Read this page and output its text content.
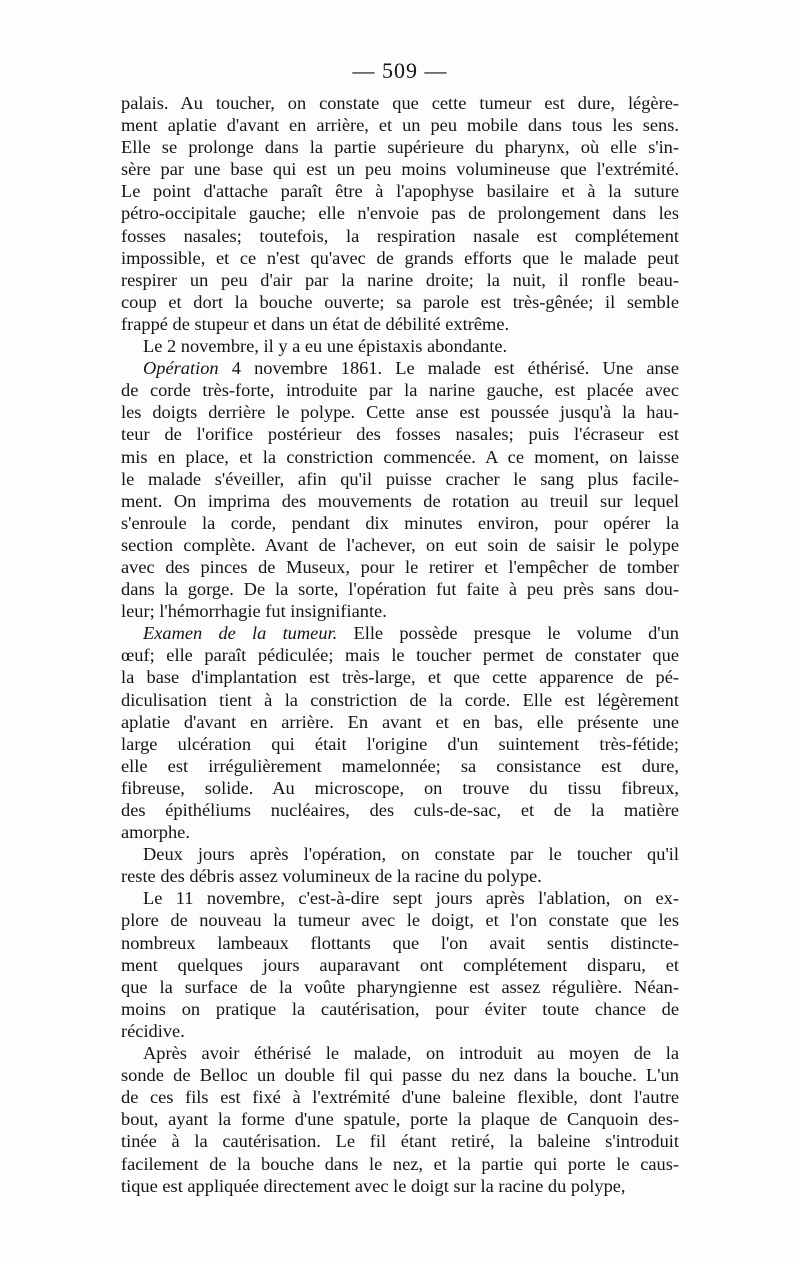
— 509 —
palais. Au toucher, on constate que cette tumeur est dure, légère-
ment aplatie d'avant en arrière, et un peu mobile dans tous les sens.
Elle se prolonge dans la partie supérieure du pharynx, où elle s'in-
sère par une base qui est un peu moins volumineuse que l'extrémité.
Le point d'attache paraît être à l'apophyse basilaire et à la suture
pétro-occipitale gauche; elle n'envoie pas de prolongement dans les
fosses nasales; toutefois, la respiration nasale est complétement
impossible, et ce n'est qu'avec de grands efforts que le malade peut
respirer un peu d'air par la narine droite; la nuit, il ronfle beau-
coup et dort la bouche ouverte; sa parole est très-gênée; il semble
frappé de stupeur et dans un état de débilité extrême.
Le 2 novembre, il y a eu une épistaxis abondante.
Opération 4 novembre 1861. Le malade est éthérisé. Une anse
de corde très-forte, introduite par la narine gauche, est placée avec
les doigts derrière le polype. Cette anse est poussée jusqu'à la hau-
teur de l'orifice postérieur des fosses nasales; puis l'écraseur est
mis en place, et la constriction commencée. A ce moment, on laisse
le malade s'éveiller, afin qu'il puisse cracher le sang plus facile-
ment. On imprima des mouvements de rotation au treuil sur lequel
s'enroule la corde, pendant dix minutes environ, pour opérer la
section complète. Avant de l'achever, on eut soin de saisir le polype
avec des pinces de Museux, pour le retirer et l'empêcher de tomber
dans la gorge. De la sorte, l'opération fut faite à peu près sans dou-
leur; l'hémorrhagie fut insignifiante.
Examen de la tumeur. Elle possède presque le volume d'un
œuf; elle paraît pédiculée; mais le toucher permet de constater que
la base d'implantation est très-large, et que cette apparence de pé-
diculisation tient à la constriction de la corde. Elle est légèrement
aplatie d'avant en arrière. En avant et en bas, elle présente une
large ulcération qui était l'origine d'un suintement très-fétide;
elle est irrégulièrement mamelonnée; sa consistance est dure,
fibreuse, solide. Au microscope, on trouve du tissu fibreux,
des épithéliums nucléaires, des culs-de-sac, et de la matière
amorphe.
Deux jours après l'opération, on constate par le toucher qu'il
reste des débris assez volumineux de la racine du polype.
Le 11 novembre, c'est-à-dire sept jours après l'ablation, on ex-
plore de nouveau la tumeur avec le doigt, et l'on constate que les
nombreux lambeaux flottants que l'on avait sentis distincte-
ment quelques jours auparavant ont complétement disparu, et
que la surface de la voûte pharyngienne est assez régulière. Néan-
moins on pratique la cautérisation, pour éviter toute chance de
récidive.
Après avoir éthérisé le malade, on introduit au moyen de la
sonde de Belloc un double fil qui passe du nez dans la bouche. L'un
de ces fils est fixé à l'extrémité d'une baleine flexible, dont l'autre
bout, ayant la forme d'une spatule, porte la plaque de Canquoin des-
tinée à la cautérisation. Le fil étant retiré, la baleine s'introduit
facilement de la bouche dans le nez, et la partie qui porte le caus-
tique est appliquée directement avec le doigt sur la racine du polype,
